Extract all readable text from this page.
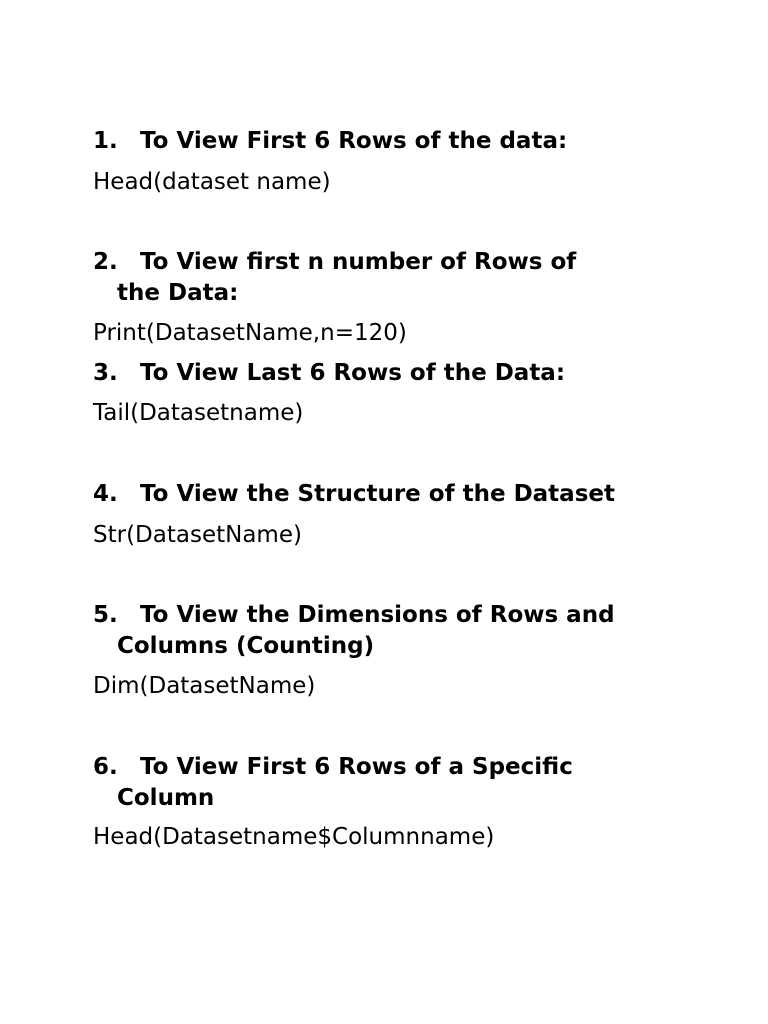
1. To View First 6 Rows of the data:
Head(dataset name)
2. To View first n number of Rows of
the Data:
Print(DatasetName,n=120)
3. To View Last 6 Rows of the Data:
Tail(Datasetname)
4. To View the Structure of the Dataset
Str(DatasetName)
5. To View the Dimensions of Rows and
Columns (Counting)
Dim(DatasetName)
6. To View First 6 Rows of a Specific
Column
Head(Datasetname$Columnname)
